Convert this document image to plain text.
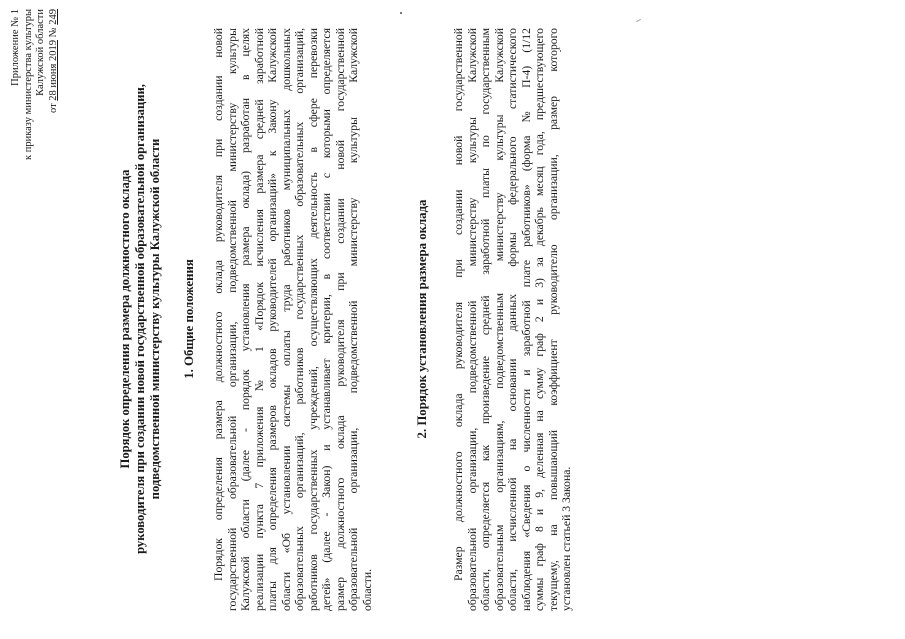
Приложение № 1 к приказу министерства культуры Калужской области
от 28 июня 2019 № 249
Порядок определения размера должностного оклада руководителя при создании новой государственной образовательной организации, подведомственной министерству культуры Калужской области 1. Общие положения Порядок определения размера должностного оклада руководителя при создании новой государственной образовательной организации, подведомственной министерству культуры Калужской области (далее - порядок установления размера оклада) разработан в целях реализации пункта 7 приложения № 1 «Порядок исчисления размера средней заработной платы для определения размеров окладов руководителей организаций» к Закону Калужской области «Об установлении системы оплаты труда работников муниципальных дошкольных образовательных организаций, работников государственных образовательных организаций, работников государственных учреждений, осуществляющих деятельность в сфере перевозки детей» (далее - Закон) и устанавливает критерии, в соответствии с которыми определяется размер должностного оклада руководителя при создании новой государственной образовательной организации, подведомственной министерству культуры Калужской области.
2. Порядок установления размера оклада Размер должностного оклада руководителя при создании новой государственной образовательной организации, подведомственной министерству культуры Калужской области, определяется как произведение средней заработной платы по государственным образовательным организациям, подведомственным министерству культуры Калужской области, исчисленной на основании данных формы федерального статистического наблюдения «Сведения о численности и заработной плате работников» (форма № П-4) (1/12 суммы граф 8 и 9, деленная на сумму граф 2 и 3) за декабрь месяц года, предшествующего текущему, на повышающий коэффициент руководителю организации, размер которого установлен статьей 3 Закона.
